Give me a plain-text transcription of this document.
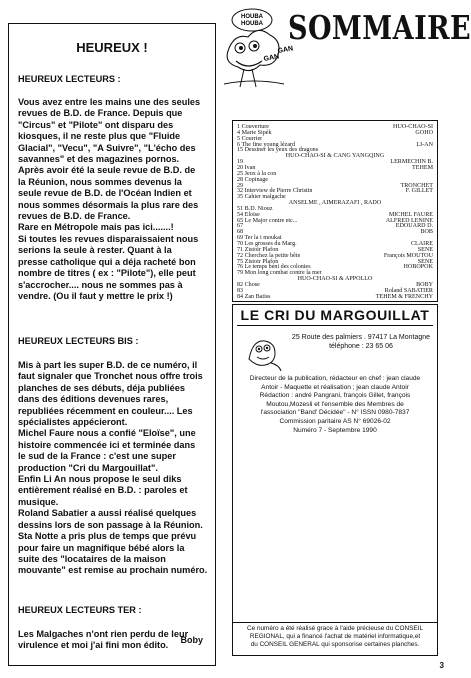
HEUREUX !
HEUREUX LECTEURS :
Vous avez entre les mains une des seules
revues de B.D. de France. Depuis que
"Circus" et "Pilote" ont disparu des
kiosques, il ne reste plus que "Fluide
Glacial", "Vecu", "A Suivre", "L'écho des
savannes" et des magazines pornos.
Après avoir été la seule revue de B.D. de
la Réunion, nous sommes devenus la
seule revue de B.D. de l'Océan Indien et
nous sommes désormais la plus rare des
revues de B.D. de France.
Rare en Métropole mais pas ici.......!
Si toutes les revues disparaissaient nous
serions la seule à rester. Quant à la
presse catholique qui a déja racheté bon
nombre de titres ( ex : "Pilote"), elle peut
s'accrocher.... nous ne sommes pas à
vendre. (Ou il faut y mettre le prix !)
HEUREUX LECTEURS BIS :
Mis à part les super B.D. de ce numéro, il
faut signaler que Tronchet nous offre trois
planches de ses débuts, déja publiées
dans des éditions devenues rares,
republiées récemment en couleur.... Les
spécialistes appécieront.
Michel Faure nous a confié "Eloïse", une
histoire commencée ici et terminée dans
le sud de la France : c'est une super
production "Cri du Margouillat".
Enfin Li An nous propose le seul diks
entièrement réalisé en B.D. : paroles et
musique.
Roland Sabatier a aussi réalisé quelques
dessins lors de son passage à la Réunion.
Sta Notte a pris plus de temps que prévu
pour faire un magnifique bébé alors la
suite des "locataires de la maison
mouvante" est remise au prochain numéro.
HEUREUX LECTEURS TER :
Les Malgaches n'ont rien perdu de leur
virulence et moi j'ai fini mon édito.
Boby
HOUBA
HOUBA
GAN
GAN
SOMMAIRE
1 Couverture	HUO-CHAO-SI
4 Marie Sipèk	GOHO
5 Courrier
6 The fine young lézard	LI-AN
15 Dessiner les yeux des dragons
HUO-CHAO-SI & CANG YANGQING
19	LERMECHIN B.
20 Ivan	TEHEM
25 Jeux à la con
28 Copinage
29	TRONCHET
32 Interview de Pierre Christin	F. GILLET
35 Cahier malgache
ANSELME , AIMERAZAFI , RADO
51 B.D. Niouz
54 Eloïse	MICHEL FAURE
65 Le Major contre etc...	ALFRED LENINE
67	EDOUARD D.
68	BOB
69 Ter la i moukat
70 Les grosses du Marg.	CLAIRE
71 Zistoir Plafon	SENE
72 Cherchez la petite bête	François MOUTOU
75 Zistoir Plafon	SENE
76 Le temps béni des colonies	HOBOPOK
79 Mon long combat contre la mer
HUO-CHAO-SI & APPOLLO
82 Chose	BOBY
83	Roland SABATIER
84 Zan Batiss	TEHEM & FRENCHY
LE CRI DU MARGOUILLAT
25 Route des palmiers . 97417 La Montagne
téléphone : 23 65 06
Directeur de la publication, rédacteur en chef : jean claude
Antoir - Maquette et réalisation ; jean claude Antoir
Rédaction : andré Pangrani, françois Gillet, françois
Moutou,Mozesli et l'ensemble des Membres de
l'association "Band' Décidée" - N° ISSN 0980-7837
Commission paritaire AS N° 69026-02
Numéro 7 - Septembre 1990
Ce numéro a été réalisé grace à l'aide précieuse du CONSEIL
REGIONAL, qui a financé l'achat de matériel informatique,et
du CONSEIL GENERAL qui sponsorise certaines planches.
3
